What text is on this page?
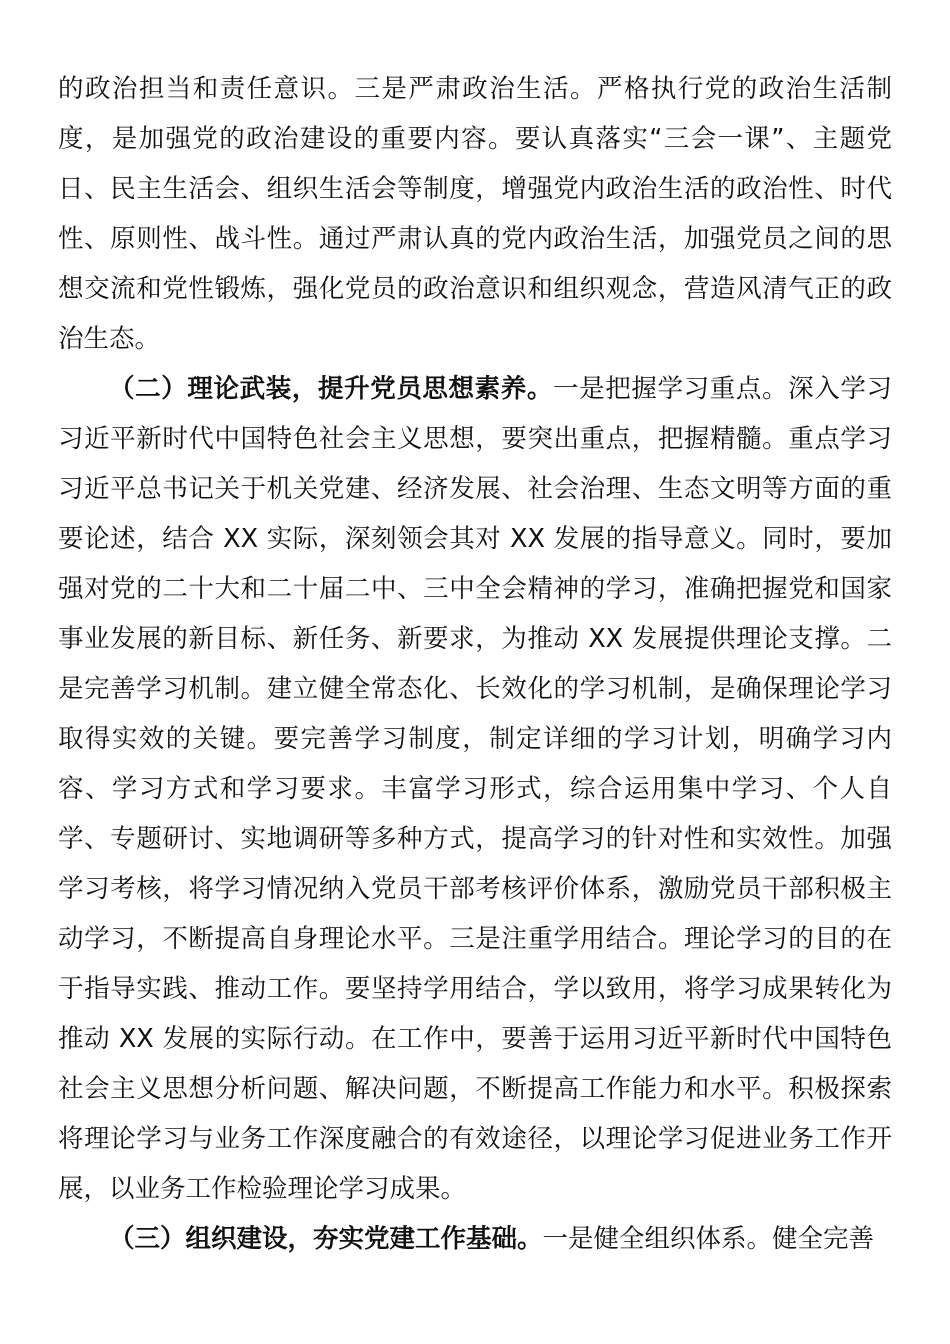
的政治担当和责任意识。三是严肃政治生活。严格执行党的政治生活制度，是加强党的政治建设的重要内容。要认真落实“三会一课”、主题党日、民主生活会、组织生活会等制度，增强党内政治生活的政治性、时代性、原则性、战斗性。通过严肃认真的党内政治生活，加强党员之间的思想交流和党性锻炼，强化党员的政治意识和组织观念，营造风清气正的政治生态。

（二）理论武装，提升党员思想素养。一是把握学习重点。深入学习习近平新时代中国特色社会主义思想，要突出重点，把握精髓。重点学习习近平总书记关于机关党建、经济发展、社会治理、生态文明等方面的重要论述，结合 XX 实际，深刻领会其对 XX 发展的指导意义。同时，要加强对党的二十大和二十届二中、三中全会精神的学习，准确把握党和国家事业发展的新目标、新任务、新要求，为推动 XX 发展提供理论支撑。二是完善学习机制。建立健全常态化、长效化的学习机制，是确保理论学习取得实效的关键。要完善学习制度，制定详细的学习计划，明确学习内容、学习方式和学习要求。丰富学习形式，综合运用集中学习、个人自学、专题研讨、实地调研等多种方式，提高学习的针对性和实效性。加强学习考核，将学习情况纳入党员干部考核评价体系，激励党员干部积极主动学习，不断提高自身理论水平。三是注重学用结合。理论学习的目的在于指导实践、推动工作。要坚持学用结合，学以致用，将学习成果转化为推动 XX 发展的实际行动。在工作中，要善于运用习近平新时代中国特色社会主义思想分析问题、解决问题，不断提高工作能力和水平。积极探索将理论学习与业务工作深度融合的有效途径，以理论学习促进业务工作开展，以业务工作检验理论学习成果。

（三）组织建设，夯实党建工作基础。一是健全组织体系。健全完善
